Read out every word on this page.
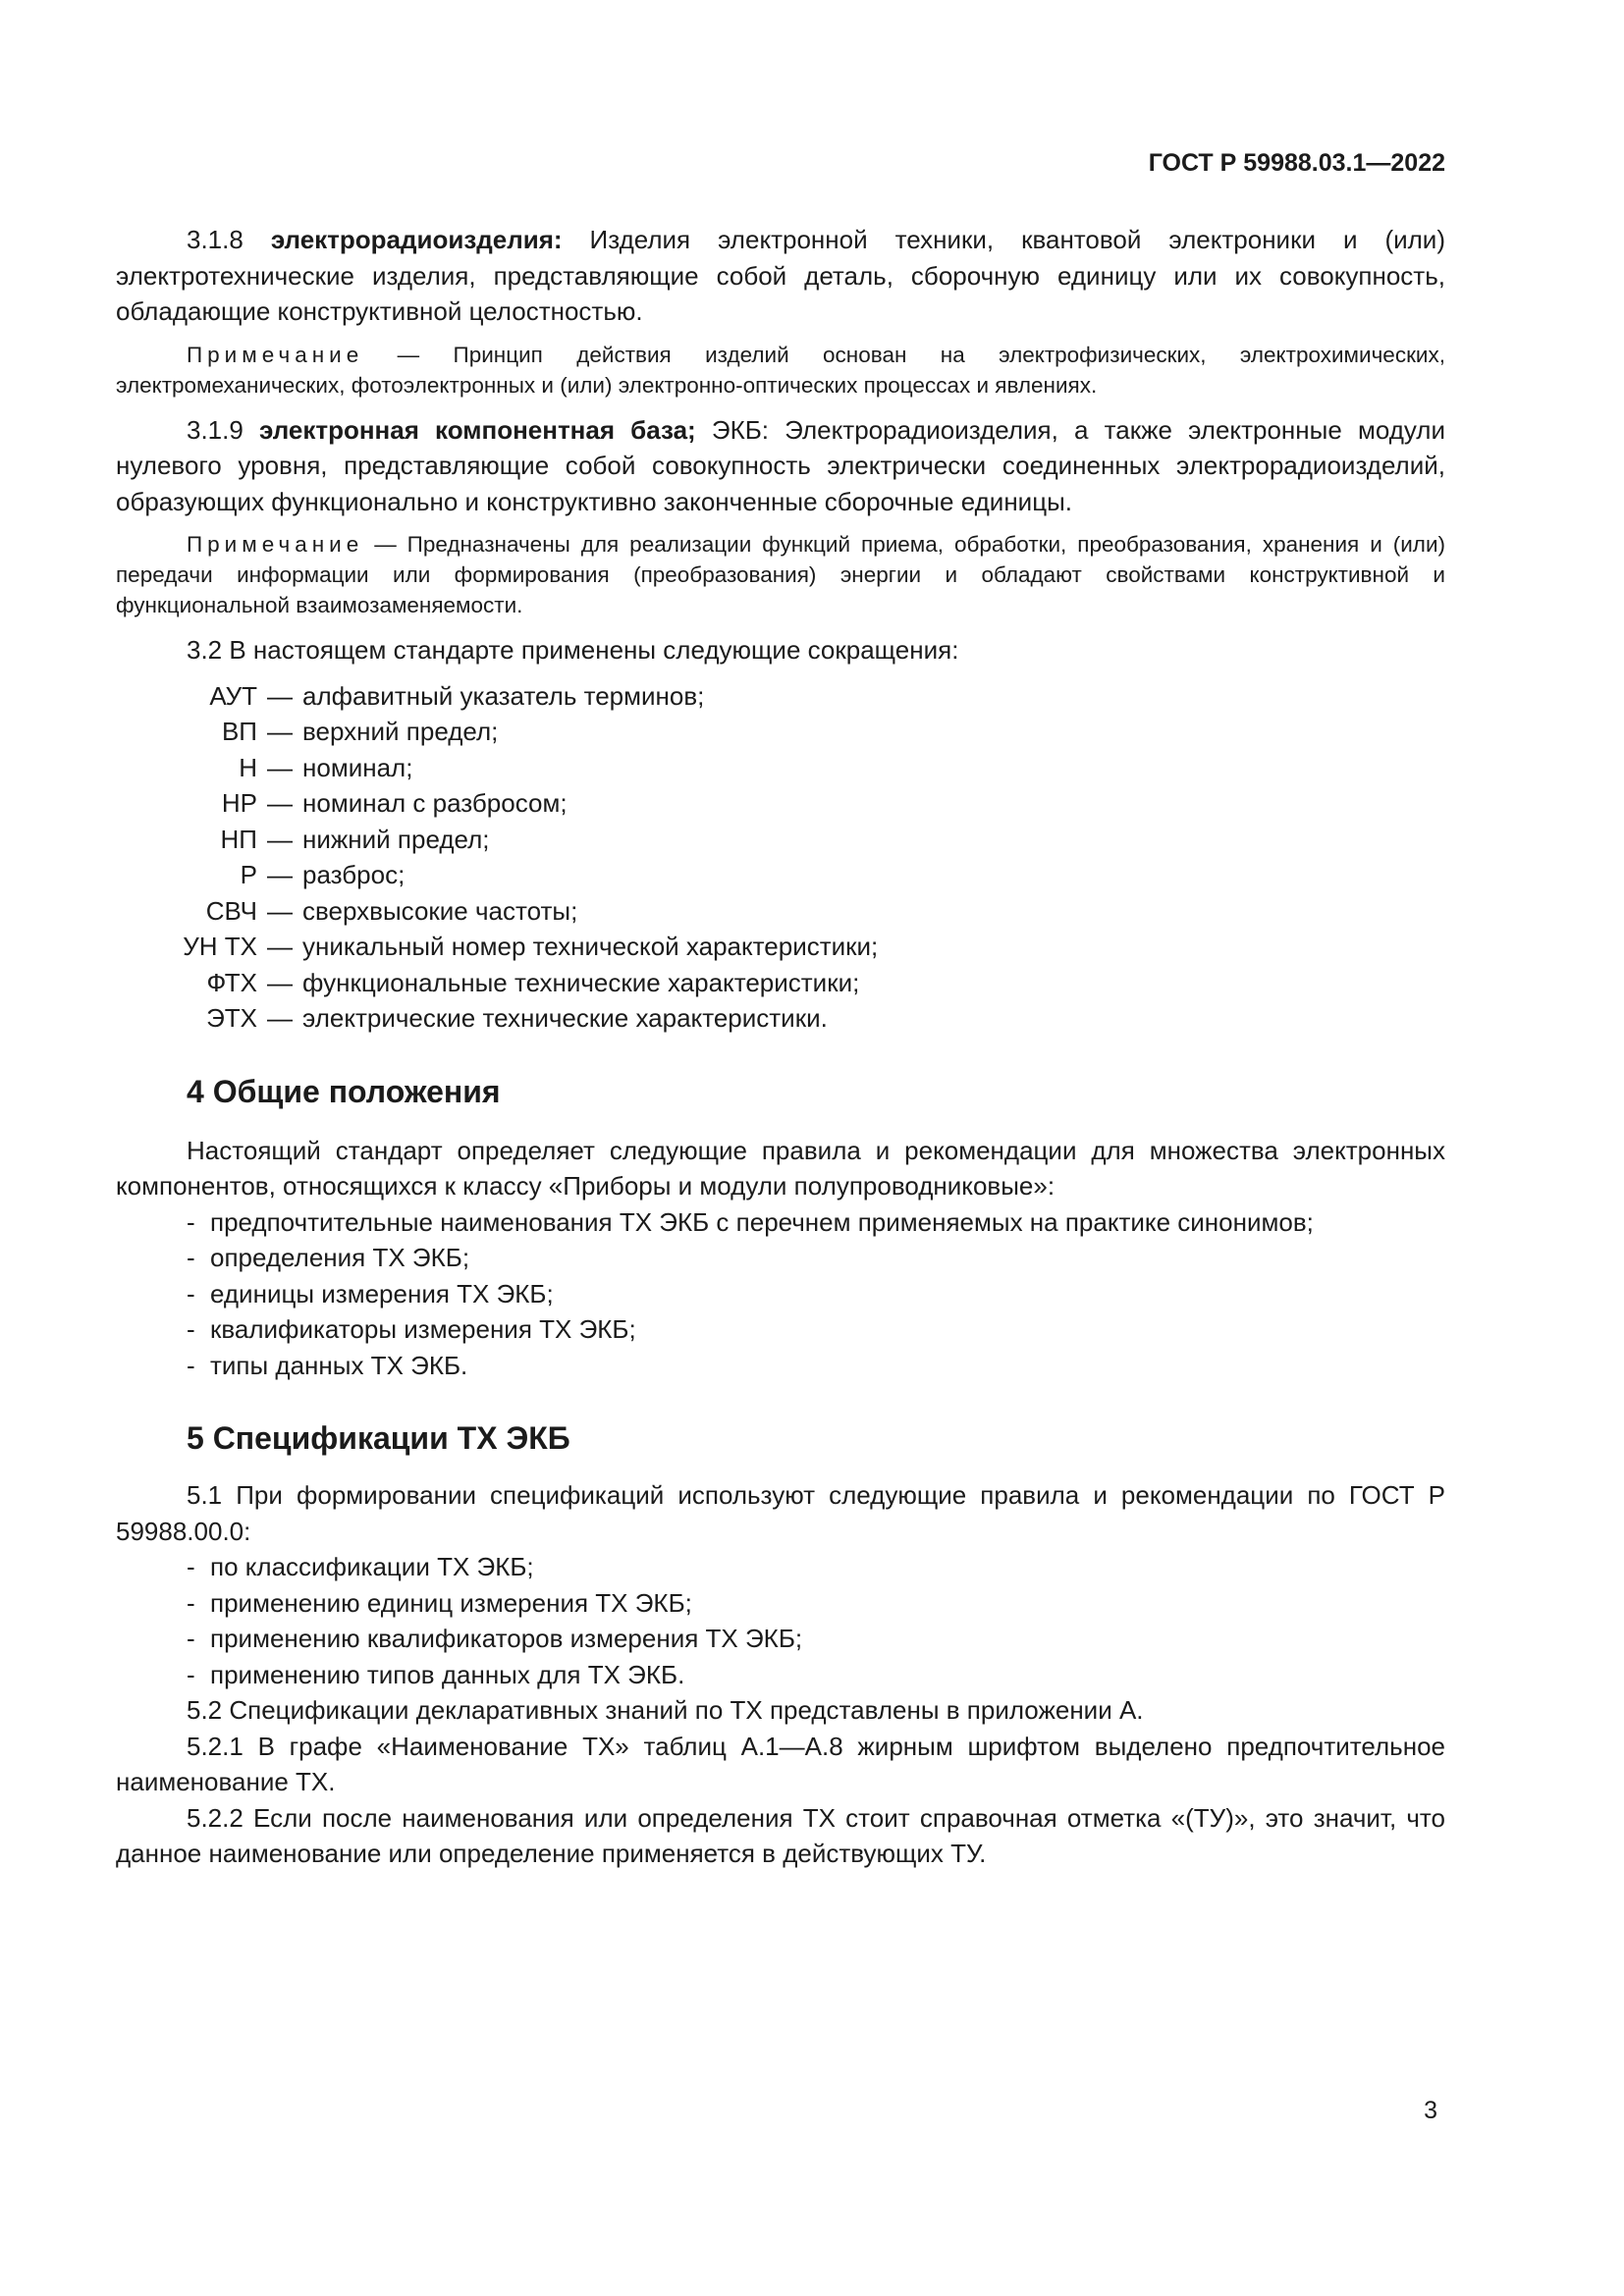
ГОСТ Р 59988.03.1—2022

3.1.8 электрорадиоизделия: Изделия электронной техники, квантовой электроники и (или) электротехнические изделия, представляющие собой деталь, сборочную единицу или их совокупность, обладающие конструктивной целостностью.

Примечание — Принцип действия изделий основан на электрофизических, электрохимических, электромеханических, фотоэлектронных и (или) электронно-оптических процессах и явлениях.

3.1.9 электронная компонентная база; ЭКБ: Электрорадиоизделия, а также электронные модули нулевого уровня, представляющие собой совокупность электрически соединенных электрорадиоизделий, образующих функционально и конструктивно законченные сборочные единицы.

Примечание — Предназначены для реализации функций приема, обработки, преобразования, хранения и (или) передачи информации или формирования (преобразования) энергии и обладают свойствами конструктивной и функциональной взаимозаменяемости.

3.2 В настоящем стандарте применены следующие сокращения:

АУТ — алфавитный указатель терминов;
ВП — верхний предел;
Н — номинал;
НР — номинал с разбросом;
НП — нижний предел;
Р — разброс;
СВЧ — сверхвысокие частоты;
УН ТХ — уникальный номер технической характеристики;
ФТХ — функциональные технические характеристики;
ЭТХ — электрические технические характеристики.
4 Общие положения

Настоящий стандарт определяет следующие правила и рекомендации для множества электронных компонентов, относящихся к классу «Приборы и модули полупроводниковые»:

- предпочтительные наименования ТХ ЭКБ с перечнем применяемых на практике синонимов;
- определения ТХ ЭКБ;
- единицы измерения ТХ ЭКБ;
- квалификаторы измерения ТХ ЭКБ;
- типы данных ТХ ЭКБ.
5 Спецификации ТХ ЭКБ

5.1 При формировании спецификаций используют следующие правила и рекомендации по ГОСТ Р 59988.00.0:

- по классификации ТХ ЭКБ;
- применению единиц измерения ТХ ЭКБ;
- применению квалификаторов измерения ТХ ЭКБ;
- применению типов данных для ТХ ЭКБ.

5.2 Спецификации декларативных знаний по ТХ представлены в приложении А.

5.2.1 В графе «Наименование ТХ» таблиц А.1—А.8 жирным шрифтом выделено предпочтительное наименование ТХ.

5.2.2 Если после наименования или определения ТХ стоит справочная отметка «(ТУ)», это значит, что данное наименование или определение применяется в действующих ТУ.

3
